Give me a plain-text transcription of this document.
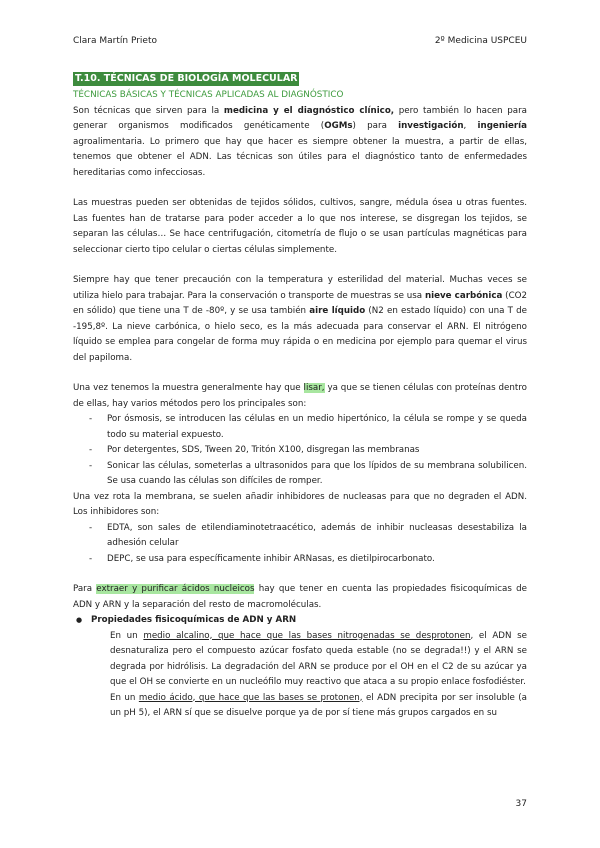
Clara Martín Prieto	2º Medicina USPCEU
T.10. TÉCNICAS DE BIOLOGÍA MOLECULAR
TÉCNICAS BÁSICAS Y TÉCNICAS APLICADAS AL DIAGNÓSTICO

Son técnicas que sirven para la medicina y el diagnóstico clínico, pero también lo hacen para generar organismos modificados genéticamente (OGMs) para investigación, ingeniería agroalimentaria. Lo primero que hay que hacer es siempre obtener la muestra, a partir de ellas, tenemos que obtener el ADN. Las técnicas son útiles para el diagnóstico tanto de enfermedades hereditarias como infecciosas.

Las muestras pueden ser obtenidas de tejidos sólidos, cultivos, sangre, médula ósea u otras fuentes. Las fuentes han de tratarse para poder acceder a lo que nos interese, se disgregan los tejidos, se separan las células… Se hace centrifugación, citometría de flujo o se usan partículas magnéticas para seleccionar cierto tipo celular o ciertas células simplemente.

Siempre hay que tener precaución con la temperatura y esterilidad del material. Muchas veces se utiliza hielo para trabajar. Para la conservación o transporte de muestras se usa nieve carbónica (CO2 en sólido) que tiene una T de -80º, y se usa también aire líquido (N2 en estado líquido) con una T de -195,8º. La nieve carbónica, o hielo seco, es la más adecuada para conservar el ARN. El nitrógeno líquido se emplea para congelar de forma muy rápida o en medicina por ejemplo para quemar el virus del papiloma.

Una vez tenemos la muestra generalmente hay que lisar, ya que se tienen células con proteínas dentro de ellas, hay varios métodos pero los principales son:

- Por ósmosis, se introducen las células en un medio hipertónico, la célula se rompe y se queda todo su material expuesto.
- Por detergentes, SDS, Tween 20, Tritón X100, disgregan las membranas
- Sonicar las células, someterlas a ultrasonidos para que los lípidos de su membrana solubilicen. Se usa cuando las células son difíciles de romper.

Una vez rota la membrana, se suelen añadir inhibidores de nucleasas para que no degraden el ADN. Los inhibidores son:

- EDTA, son sales de etilendiaminotetraacético, además de inhibir nucleasas desestabiliza la adhesión celular
- DEPC, se usa para específicamente inhibir ARNasas, es dietilpirocarbonato.

Para extraer y purificar ácidos nucleicos hay que tener en cuenta las propiedades fisicoquímicas de ADN y ARN y la separación del resto de macromoléculas.

● Propiedades fisicoquímicas de ADN y ARN

En un medio alcalino, que hace que las bases nitrogenadas se desprotonen, el ADN se desnaturaliza pero el compuesto azúcar fosfato queda estable (no se degrada!!) y el ARN se degrada por hidrólisis. La degradación del ARN se produce por el OH en el C2 de su azúcar ya que el OH se convierte en un nucleófilo muy reactivo que ataca a su propio enlace fosfodiéster.

En un medio ácido, que hace que las bases se protonen, el ADN precipita por ser insoluble (a un pH 5), el ARN sí que se disuelve porque ya de por sí tiene más grupos cargados en su

37
